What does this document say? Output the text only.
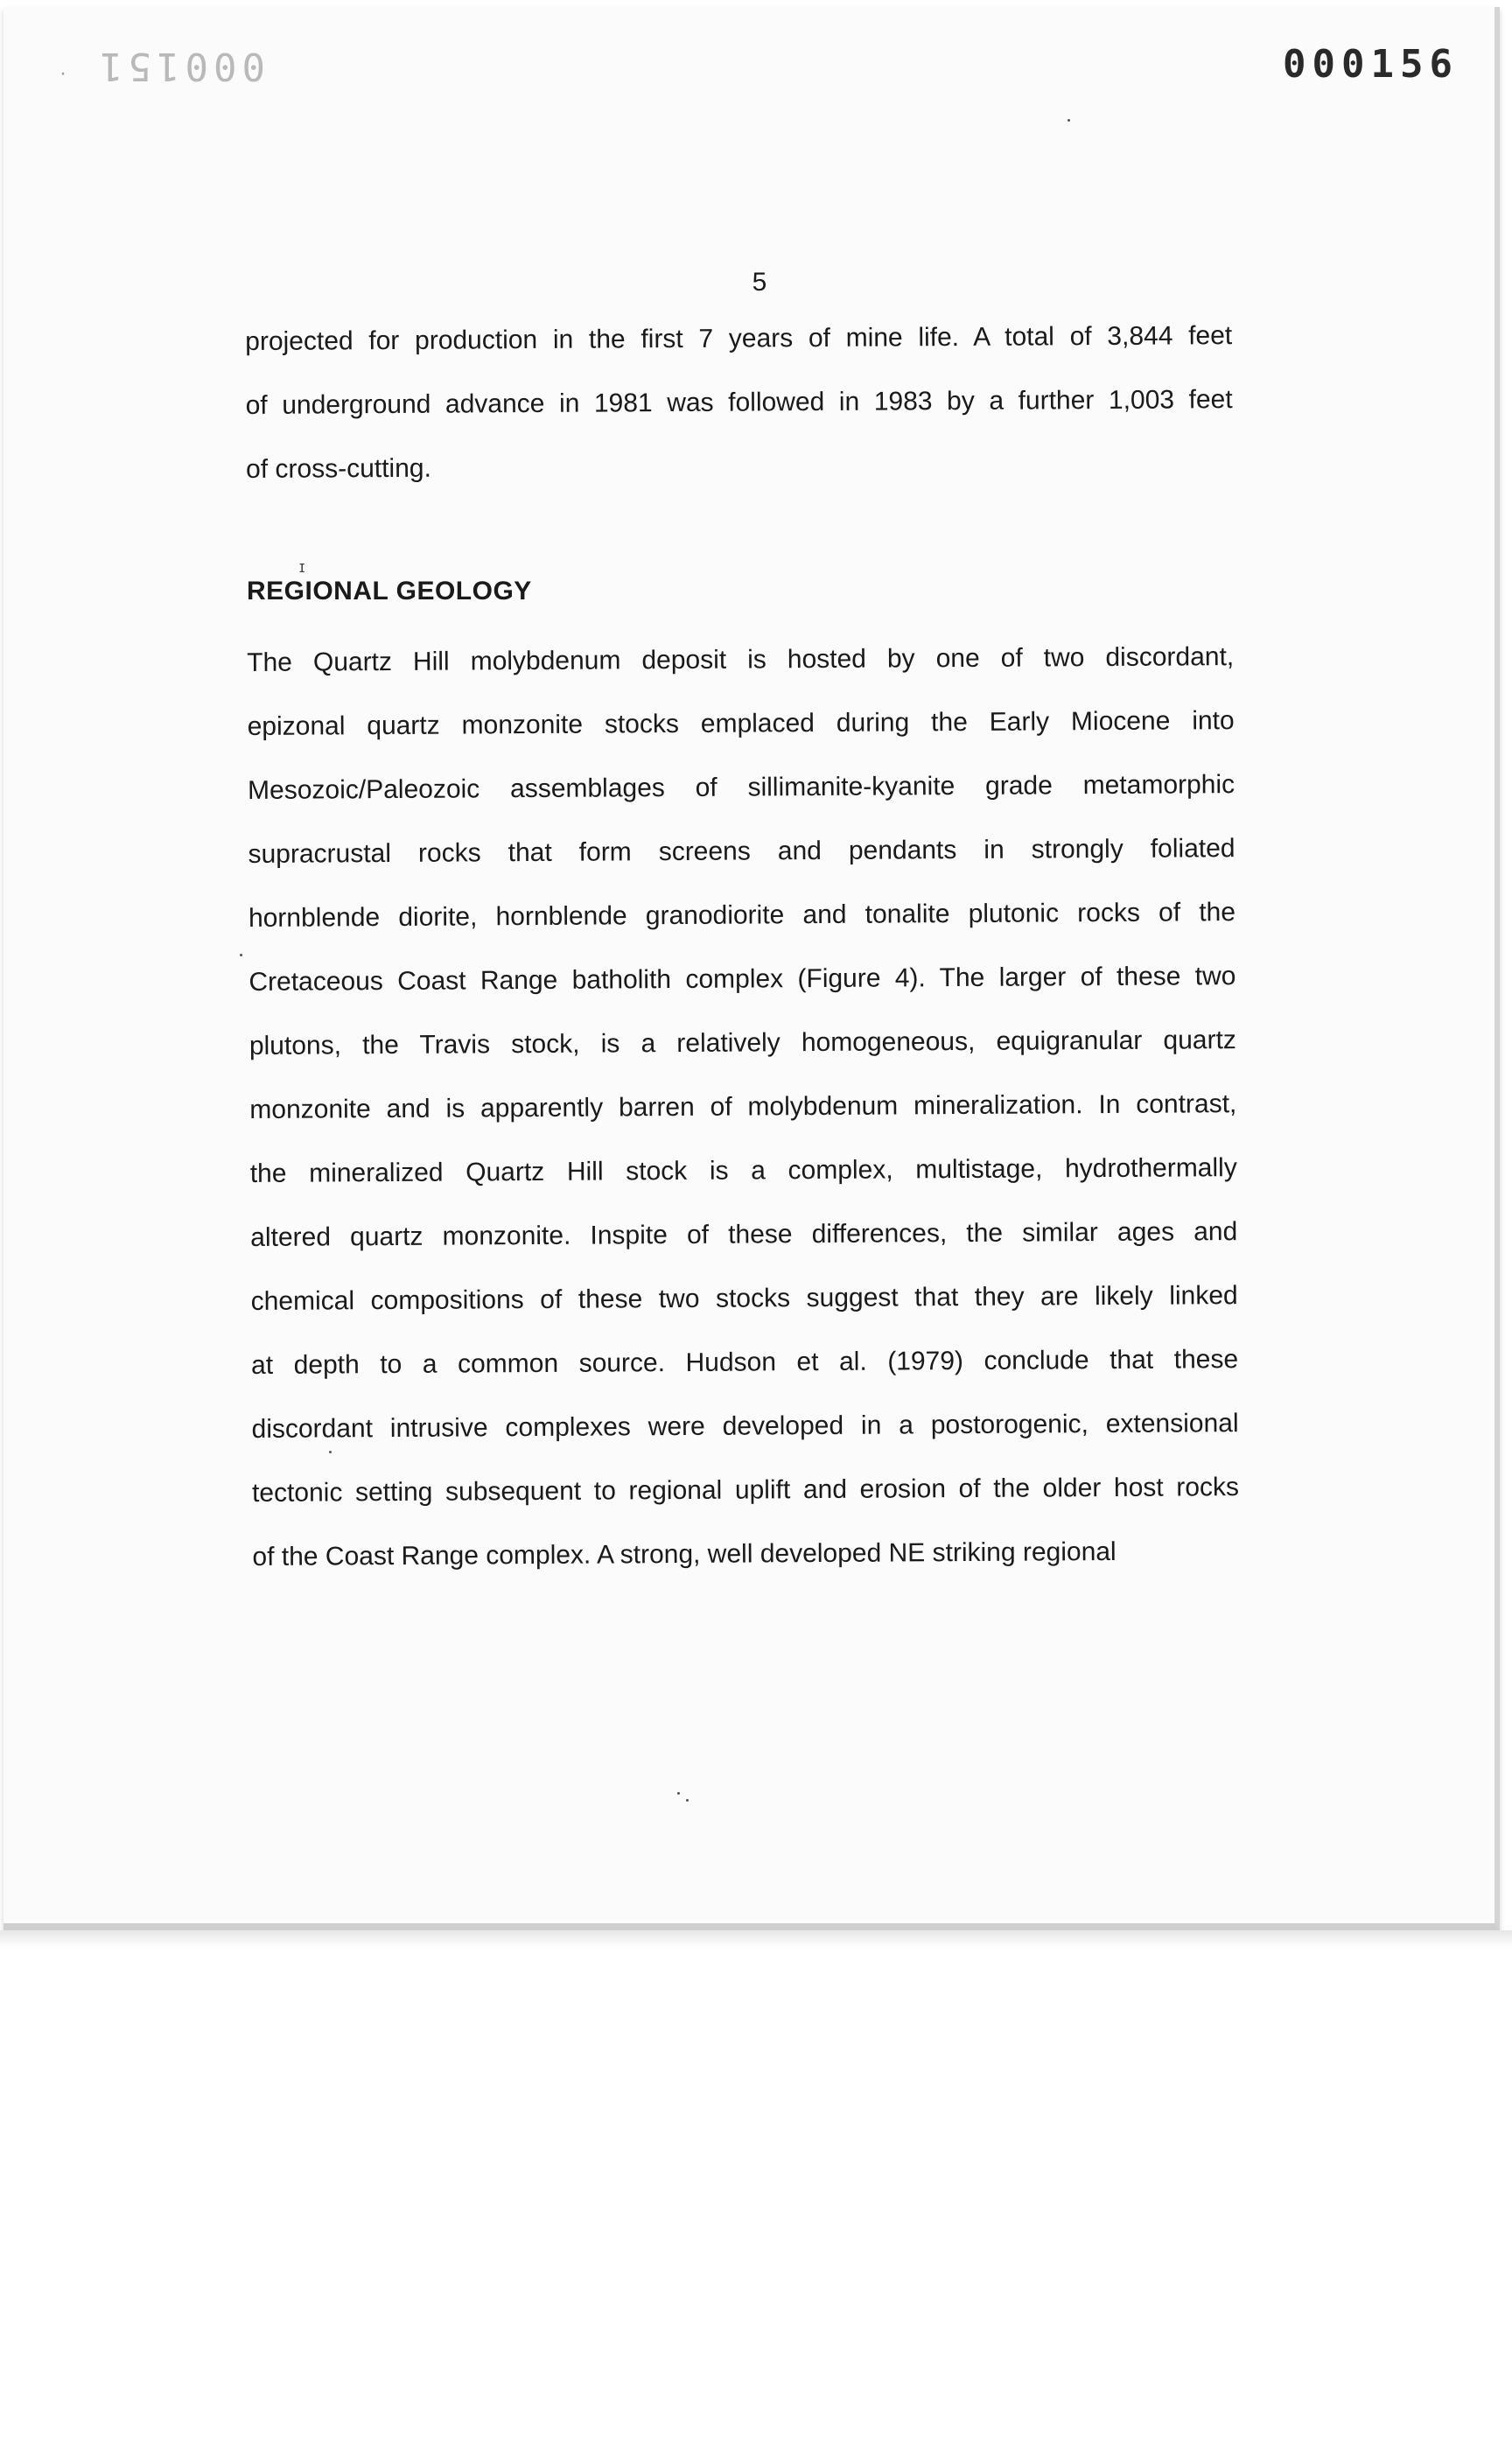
· 000151	000156
5
projected for production in the first 7 years of mine life. A total of 3,844 feet
of underground advance in 1981 was followed in 1983 by a further 1,003 feet
of cross-cutting.
ɪ
REGIONAL GEOLOGY
The Quartz Hill molybdenum deposit is hosted by one of two discordant,
epizonal quartz monzonite stocks emplaced during the Early Miocene into
Mesozoic/Paleozoic assemblages of sillimanite-kyanite grade metamorphic
supracrustal rocks that form screens and pendants in strongly foliated
hornblende diorite, hornblende granodiorite and tonalite plutonic rocks of the
Cretaceous Coast Range batholith complex (Figure 4). The larger of these two
plutons, the Travis stock, is a relatively homogeneous, equigranular quartz
monzonite and is apparently barren of molybdenum mineralization. In contrast,
the mineralized Quartz Hill stock is a complex, multistage, hydrothermally
altered quartz monzonite. Inspite of these differences, the similar ages and
chemical compositions of these two stocks suggest that they are likely linked
at depth to a common source. Hudson et al. (1979) conclude that these
discordant intrusive complexes were developed in a postorogenic, extensional
tectonic setting subsequent to regional uplift and erosion of the older host rocks
of the Coast Range complex. A strong, well developed NE striking regional
